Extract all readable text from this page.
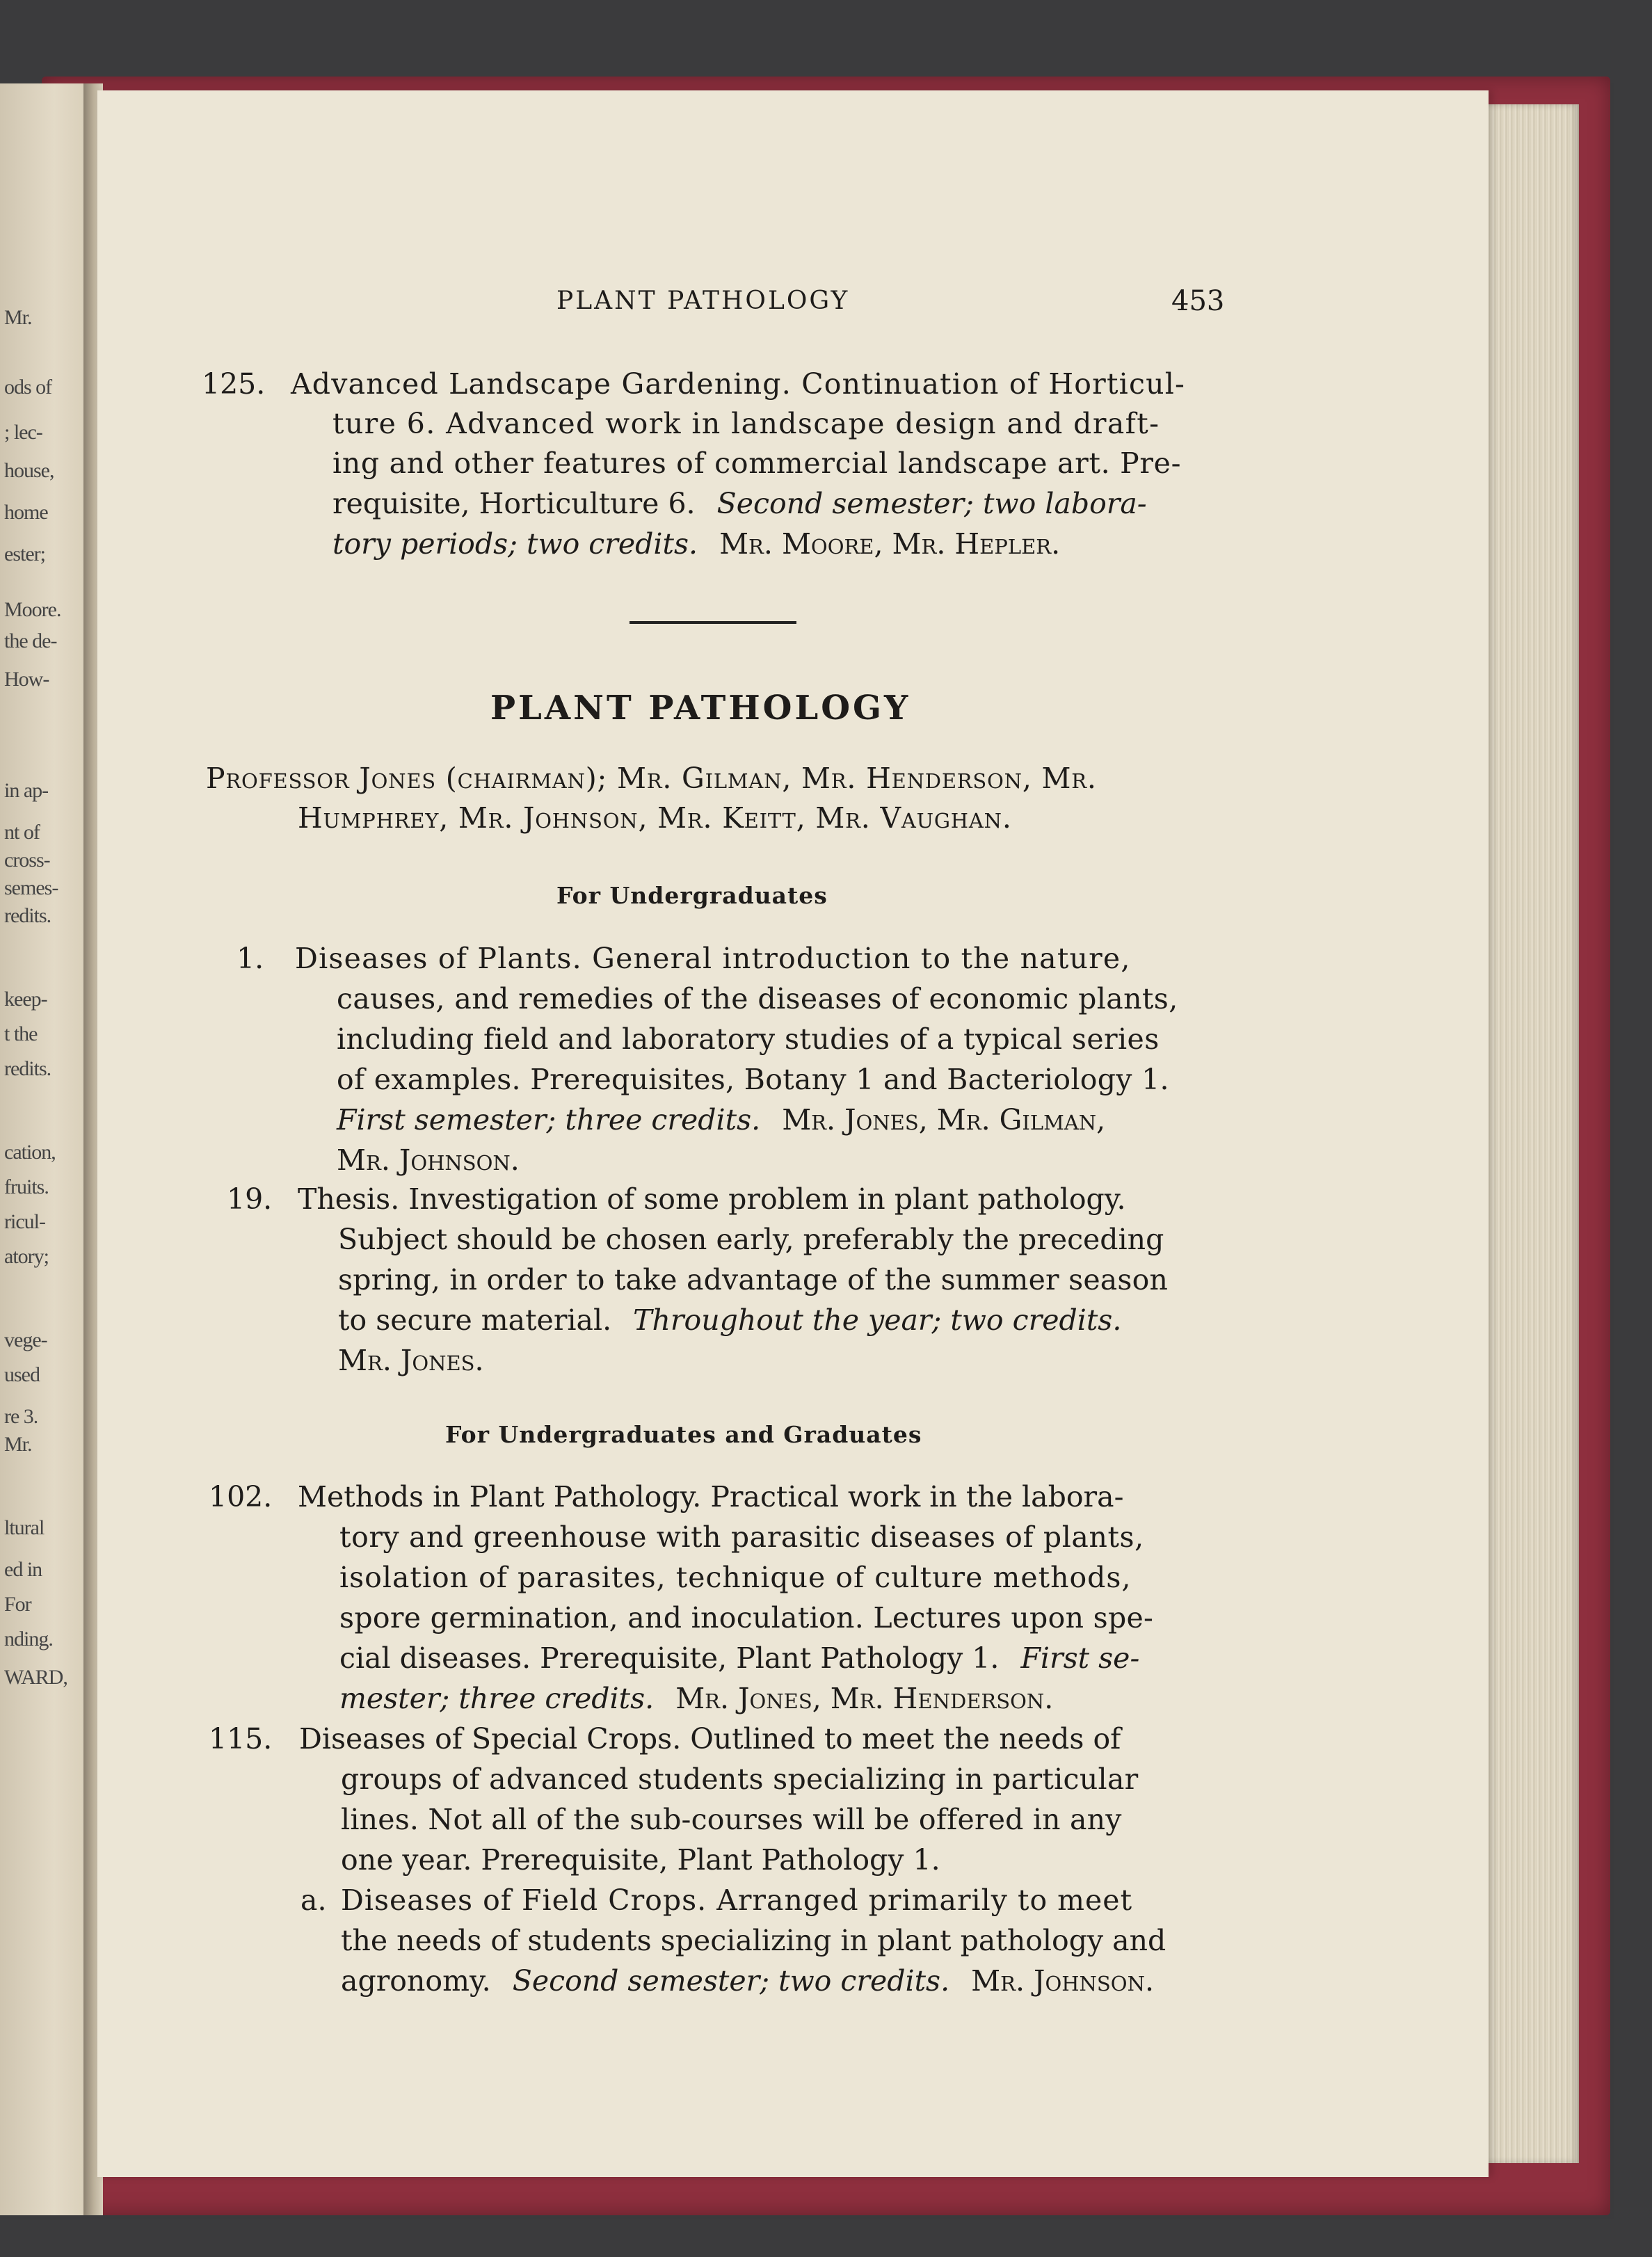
Mr.
ods of
; lec-
house,
home
ester;
Moore.
the de-
How-
in ap-
nt of
cross-
semes-
redits.
keep-
t the
redits.
cation,
fruits.
ricul-
atory;
vege-
used
re 3.
Mr.
ltural
ed in
For
nding.
WARD,
PLANT PATHOLOGY	453
125. Advanced Landscape Gardening. Continuation of Horticul-
ture 6. Advanced work in landscape design and draft-
ing and other features of commercial landscape art. Pre-
requisite, Horticulture 6. Second semester; two labora-
tory periods; two credits. Mr. Moore, Mr. Hepler.
PLANT PATHOLOGY
Professor Jones (chairman); Mr. Gilman, Mr. Henderson, Mr.
Humphrey, Mr. Johnson, Mr. Keitt, Mr. Vaughan.
For Undergraduates
1. Diseases of Plants. General introduction to the nature,
causes, and remedies of the diseases of economic plants,
including field and laboratory studies of a typical series
of examples. Prerequisites, Botany 1 and Bacteriology 1.
First semester; three credits. Mr. Jones, Mr. Gilman,
Mr. Johnson.
19. Thesis. Investigation of some problem in plant pathology.
Subject should be chosen early, preferably the preceding
spring, in order to take advantage of the summer season
to secure material. Throughout the year; two credits.
Mr. Jones.
For Undergraduates and Graduates
102. Methods in Plant Pathology. Practical work in the labora-
tory and greenhouse with parasitic diseases of plants,
isolation of parasites, technique of culture methods,
spore germination, and inoculation. Lectures upon spe-
cial diseases. Prerequisite, Plant Pathology 1. First se-
mester; three credits. Mr. Jones, Mr. Henderson.
115. Diseases of Special Crops. Outlined to meet the needs of
groups of advanced students specializing in particular
lines. Not all of the sub-courses will be offered in any
one year. Prerequisite, Plant Pathology 1.
a. Diseases of Field Crops. Arranged primarily to meet
the needs of students specializing in plant pathology and
agronomy. Second semester; two credits. Mr. Johnson.
